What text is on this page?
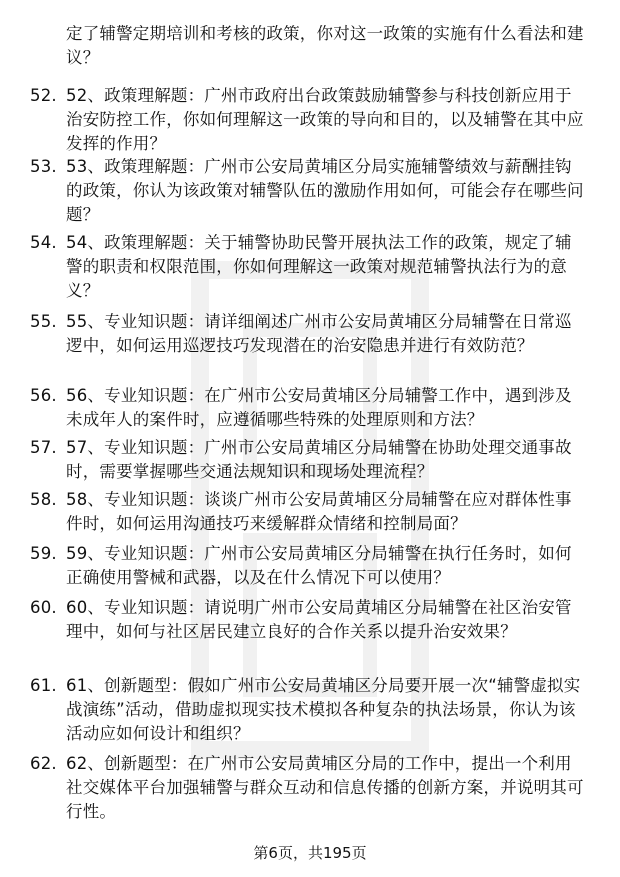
定了辅警定期培训和考核的政策，你对这一政策的实施有什么看法和建议？
52. 52、政策理解题：广州市政府出台政策鼓励辅警参与科技创新应用于治安防控工作，你如何理解这一政策的导向和目的，以及辅警在其中应发挥的作用？
53. 53、政策理解题：广州市公安局黄埔区分局实施辅警绩效与薪酬挂钩的政策，你认为该政策对辅警队伍的激励作用如何，可能会存在哪些问题？
54. 54、政策理解题：关于辅警协助民警开展执法工作的政策，规定了辅警的职责和权限范围，你如何理解这一政策对规范辅警执法行为的意义？
55. 55、专业知识题：请详细阐述广州市公安局黄埔区分局辅警在日常巡逻中，如何运用巡逻技巧发现潜在的治安隐患并进行有效防范？
56. 56、专业知识题：在广州市公安局黄埔区分局辅警工作中，遇到涉及未成年人的案件时，应遵循哪些特殊的处理原则和方法？
57. 57、专业知识题：广州市公安局黄埔区分局辅警在协助处理交通事故时，需要掌握哪些交通法规知识和现场处理流程？
58. 58、专业知识题：谈谈广州市公安局黄埔区分局辅警在应对群体性事件时，如何运用沟通技巧来缓解群众情绪和控制局面？
59. 59、专业知识题：广州市公安局黄埔区分局辅警在执行任务时，如何正确使用警械和武器，以及在什么情况下可以使用？
60. 60、专业知识题：请说明广州市公安局黄埔区分局辅警在社区治安管理中，如何与社区居民建立良好的合作关系以提升治安效果？
61. 61、创新题型：假如广州市公安局黄埔区分局要开展一次“辅警虚拟实战演练”活动，借助虚拟现实技术模拟各种复杂的执法场景，你认为该活动应如何设计和组织？
62. 62、创新题型：在广州市公安局黄埔区分局的工作中，提出一个利用社交媒体平台加强辅警与群众互动和信息传播的创新方案，并说明其可行性。
第6页，共195页
